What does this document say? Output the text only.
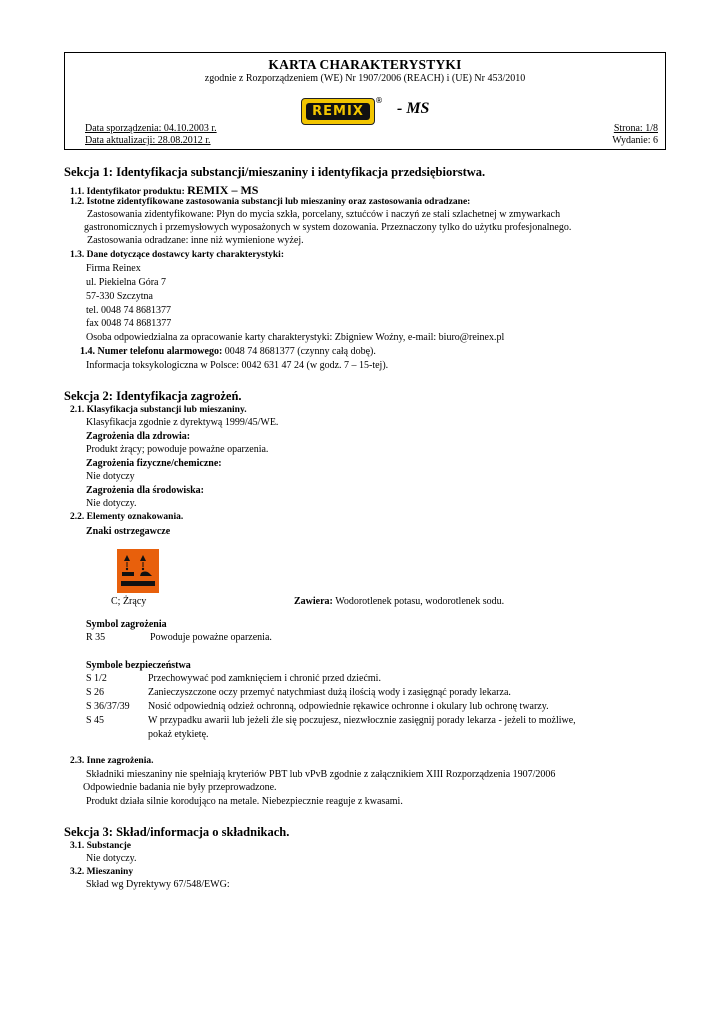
KARTA CHARAKTERYSTYKI
zgodnie z Rozporządzeniem (WE) Nr 1907/2006 (REACH) i (UE) Nr 453/2010
REMIX
® - MS
Data sporządzenia: 04.10.2003 r.
Data aktualizacji: 28.08.2012 r.
Strona: 1/8
Wydanie: 6
Sekcja 1: Identyfikacja substancji/mieszaniny i identyfikacja przedsiębiorstwa.
1.1. Identyfikator produktu: REMIX – MS
1.2. Istotne zidentyfikowane zastosowania substancji lub mieszaniny oraz zastosowania odradzane:
Zastosowania zidentyfikowane: Płyn do mycia szkła, porcelany, sztućców i naczyń ze stali szlachetnej w zmywarkach
gastronomicznych i przemysłowych wyposażonych w system dozowania. Przeznaczony tylko do użytku profesjonalnego.
Zastosowania odradzane: inne niż wymienione wyżej.
1.3. Dane dotyczące dostawcy karty charakterystyki:
Firma Reinex
ul. Piekielna Góra 7
57-330 Szczytna
tel. 0048 74 8681377
fax 0048 74 8681377
Osoba odpowiedzialna za opracowanie karty charakterystyki: Zbigniew Woźny, e-mail: biuro@reinex.pl
1.4. Numer telefonu alarmowego: 0048 74 8681377 (czynny całą dobę).
Informacja toksykologiczna w Polsce: 0042 631 47 24 (w godz. 7 – 15-tej).
Sekcja 2: Identyfikacja zagrożeń.
2.1. Klasyfikacja substancji lub mieszaniny.
Klasyfikacja zgodnie z dyrektywą 1999/45/WE.
Zagrożenia dla zdrowia:
Produkt żrący; powoduje poważne oparzenia.
Zagrożenia fizyczne/chemiczne:
Nie dotyczy
Zagrożenia dla środowiska:
Nie dotyczy.
2.2. Elementy oznakowania.
Znaki ostrzegawcze
C; Żrący	Zawiera: Wodorotlenek potasu, wodorotlenek sodu.
Symbol zagrożenia
R 35	Powoduje poważne oparzenia.
Symbole bezpieczeństwa
S 1/2	Przechowywać pod zamknięciem i chronić przed dziećmi.
S 26	Zanieczyszczone oczy przemyć natychmiast dużą ilością wody i zasięgnąć porady lekarza.
S 36/37/39 Nosić odpowiednią odzież ochronną, odpowiednie rękawice ochronne i okulary lub ochronę twarzy.
S 45	W przypadku awarii lub jeżeli źle się poczujesz, niezwłocznie zasięgnij porady lekarza - jeżeli to możliwe,
pokaż etykietę.
2.3. Inne zagrożenia.
Składniki mieszaniny nie spełniają kryteriów PBT lub vPvB zgodnie z załącznikiem XIII Rozporządzenia 1907/2006
Odpowiednie badania nie były przeprowadzone.
Produkt działa silnie korodująco na metale. Niebezpiecznie reaguje z kwasami.
Sekcja 3: Skład/informacja o składnikach.
3.1. Substancje
Nie dotyczy.
3.2. Mieszaniny
Skład wg Dyrektywy 67/548/EWG:
